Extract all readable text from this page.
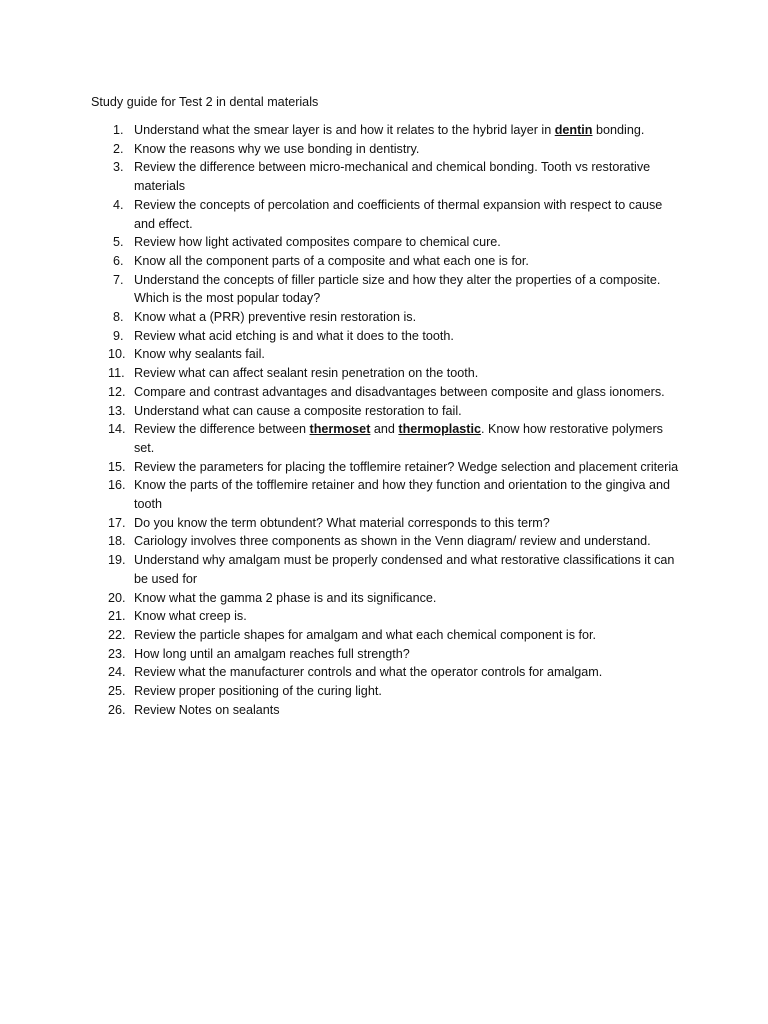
Study guide for Test 2 in dental materials
1. Understand what the smear layer is and how it relates to the hybrid layer in dentin bonding.
2. Know the reasons why we use bonding in dentistry.
3. Review the difference between micro-mechanical and chemical bonding. Tooth vs restorative materials
4. Review the concepts of percolation and coefficients of thermal expansion with respect to cause and effect.
5. Review how light activated composites compare to chemical cure.
6. Know all the component parts of a composite and what each one is for.
7. Understand the concepts of filler particle size and how they alter the properties of a composite. Which is the most popular today?
8. Know what a (PRR) preventive resin restoration is.
9. Review what acid etching is and what it does to the tooth.
10. Know why sealants fail.
11. Review what can affect sealant resin penetration on the tooth.
12. Compare and contrast advantages and disadvantages between composite and glass ionomers.
13. Understand what can cause a composite restoration to fail.
14. Review the difference between thermoset and thermoplastic. Know how restorative polymers set.
15. Review the parameters for placing the tofflemire retainer? Wedge selection and placement criteria
16. Know the parts of the tofflemire retainer and how they function and orientation to the gingiva and tooth
17. Do you know the term obtundent? What material corresponds to this term?
18. Cariology involves three components as shown in the Venn diagram/ review and understand.
19. Understand why amalgam must be properly condensed and what restorative classifications it can be used for
20. Know what the gamma 2 phase is and its significance.
21. Know what creep is.
22. Review the particle shapes for amalgam and what each chemical component is for.
23. How long until an amalgam reaches full strength?
24. Review what the manufacturer controls and what the operator controls for amalgam.
25. Review proper positioning of the curing light.
26. Review Notes on sealants
